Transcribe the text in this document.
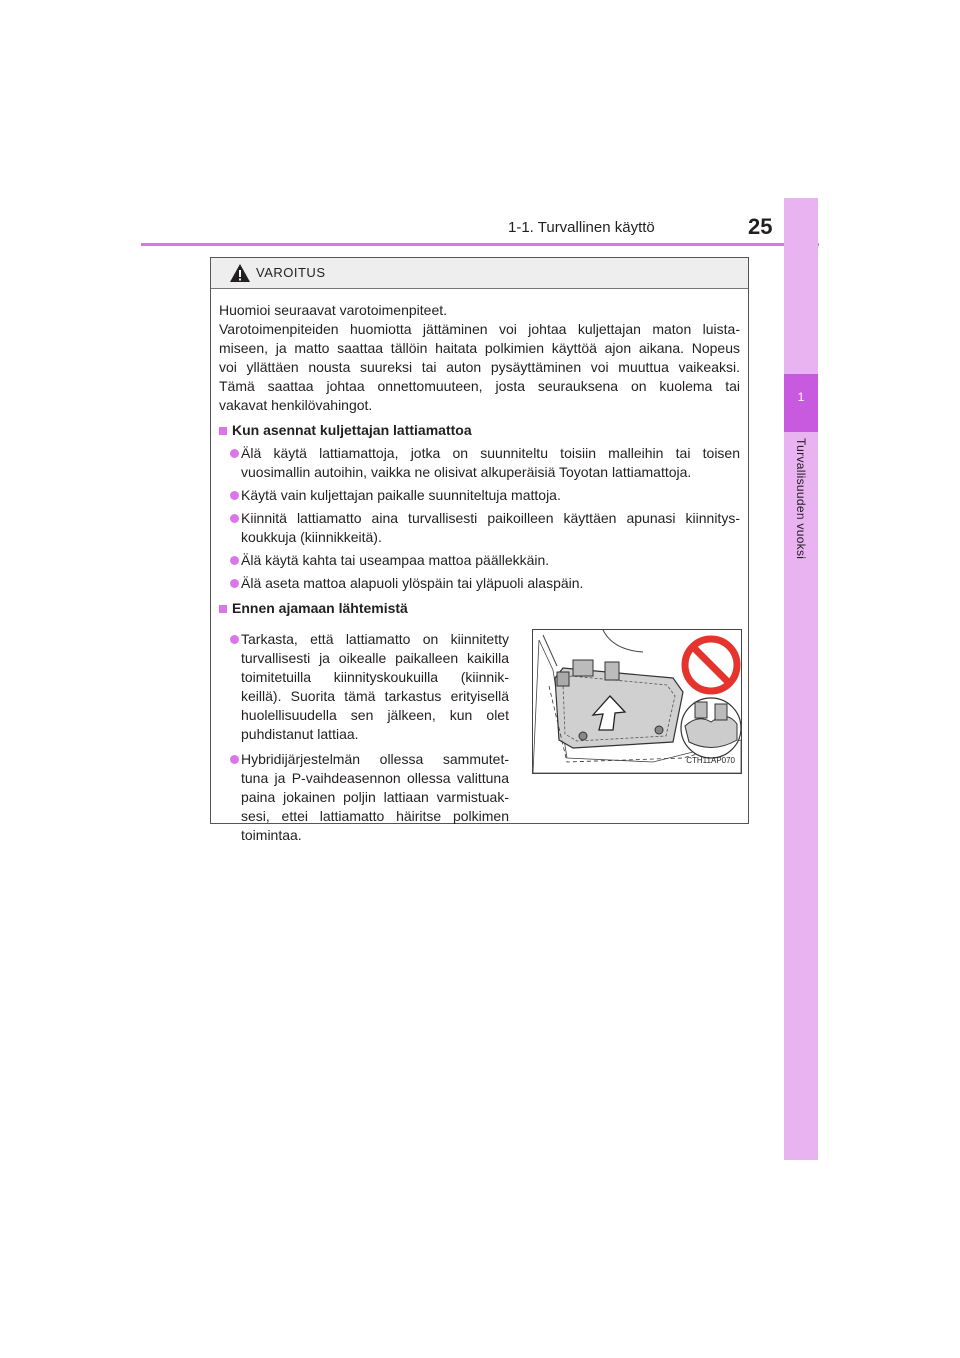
1-1. Turvallinen käyttö	25
1
Turvallisuuden vuoksi
VAROITUS

Huomioi seuraavat varotoimenpiteet.
Varotoimenpiteiden huomiotta jättäminen voi johtaa kuljettajan maton luista-
miseen, ja matto saattaa tällöin haitata polkimien käyttöä ajon aikana. Nopeus
voi yllättäen nousta suureksi tai auton pysäyttäminen voi muuttua vaikeaksi.
Tämä saattaa johtaa onnettomuuteen, josta seurauksena on kuolema tai
vakavat henkilövahingot.

Kun asennat kuljettajan lattiamattoa
Älä käytä lattiamattoja, jotka on suunniteltu toisiin malleihin tai toisen
vuosimallin autoihin, vaikka ne olisivat alkuperäisiä Toyotan lattiamattoja.
Käytä vain kuljettajan paikalle suunniteltuja mattoja.
Kiinnitä lattiamatto aina turvallisesti paikoilleen käyttäen apunasi kiinnitys-
koukkuja (kiinnikkeitä).
Älä käytä kahta tai useampaa mattoa päällekkäin.
Älä aseta mattoa alapuoli ylöspäin tai yläpuoli alaspäin.
Ennen ajamaan lähtemistä
Tarkasta, että lattiamatto on kiinnitetty
turvallisesti ja oikealle paikalleen kaikilla
toimitetuilla kiinnityskoukuilla (kiinnik-
keillä). Suorita tämä tarkastus erityisellä
huolellisuudella sen jälkeen, kun olet
puhdistanut lattiaa.
Hybridijärjestelmän ollessa sammutet-
tuna ja P-vaihdeasennon ollessa valittuna
paina jokainen poljin lattiaan varmistuak-
sesi, ettei lattiamatto häiritse polkimen
toimintaa.
CTH11AP070
